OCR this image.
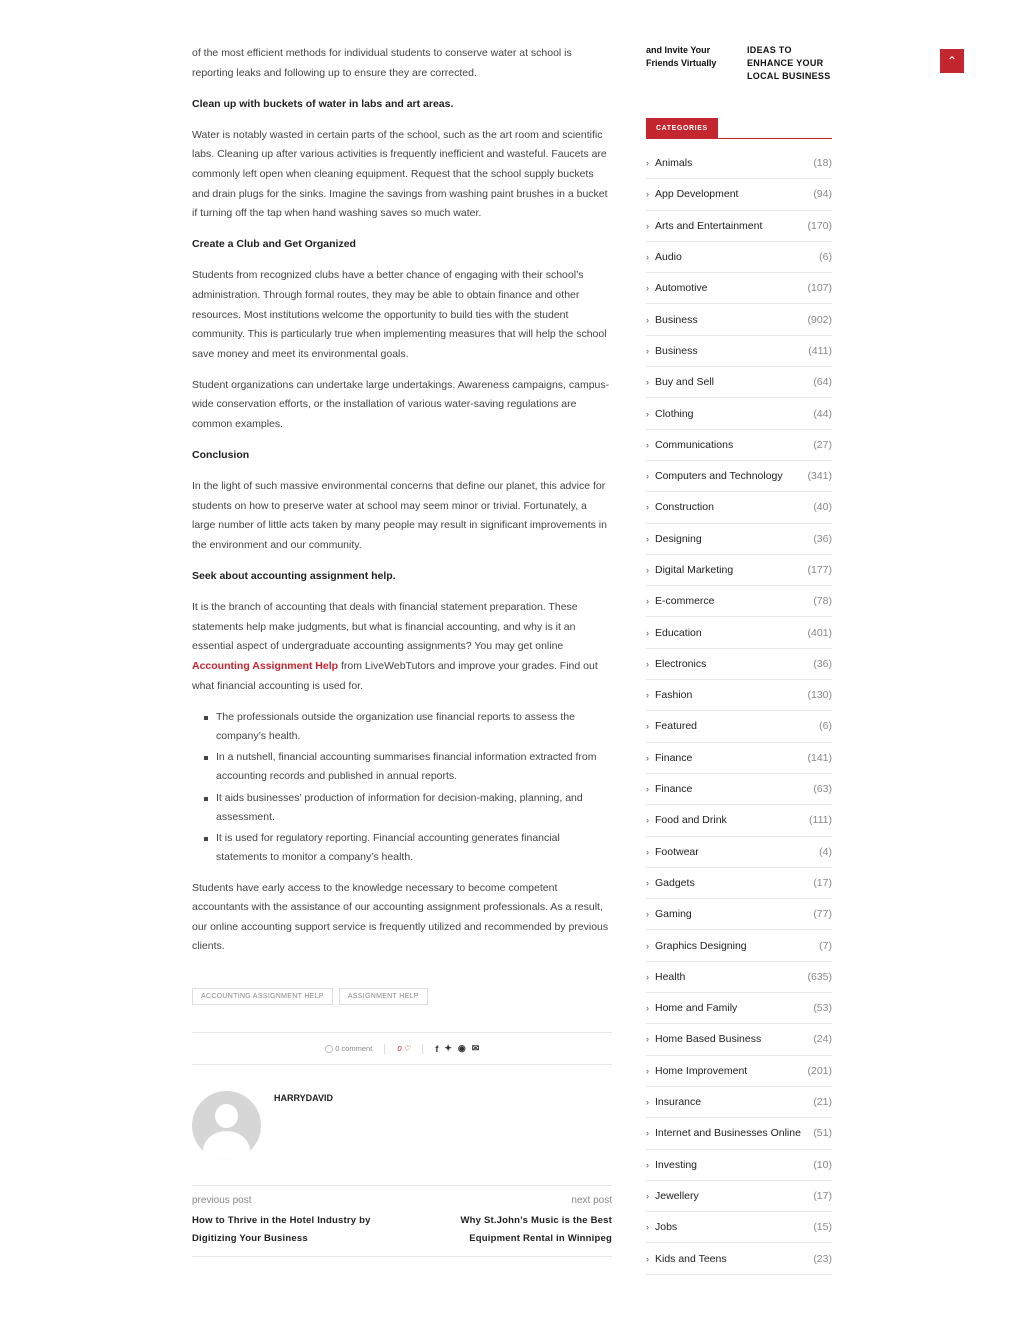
of the most efficient methods for individual students to conserve water at school is reporting leaks and following up to ensure they are corrected.

Clean up with buckets of water in labs and art areas.

Water is notably wasted in certain parts of the school, such as the art room and scientific labs. Cleaning up after various activities is frequently inefficient and wasteful. Faucets are commonly left open when cleaning equipment. Request that the school supply buckets and drain plugs for the sinks. Imagine the savings from washing paint brushes in a bucket if turning off the tap when hand washing saves so much water.

Create a Club and Get Organized

Students from recognized clubs have a better chance of engaging with their school’s administration. Through formal routes, they may be able to obtain finance and other resources. Most institutions welcome the opportunity to build ties with the student community. This is particularly true when implementing measures that will help the school save money and meet its environmental goals.

Student organizations can undertake large undertakings. Awareness campaigns, campus-wide conservation efforts, or the installation of various water-saving regulations are common examples.

Conclusion

In the light of such massive environmental concerns that define our planet, this advice for students on how to preserve water at school may seem minor or trivial. Fortunately, a large number of little acts taken by many people may result in significant improvements in the environment and our community.

Seek about accounting assignment help.

It is the branch of accounting that deals with financial statement preparation. These statements help make judgments, but what is financial accounting, and why is it an essential aspect of undergraduate accounting assignments? You may get online Accounting Assignment Help from LiveWebTutors and improve your grades. Find out what financial accounting is used for.

The professionals outside the organization use financial reports to assess the company’s health.
In a nutshell, financial accounting summarises financial information extracted from accounting records and published in annual reports.
It aids businesses’ production of information for decision-making, planning, and assessment.
It is used for regulatory reporting. Financial accounting generates financial statements to monitor a company’s health.

Students have early access to the knowledge necessary to become competent accountants with the assistance of our accounting assignment professionals. As a result, our online accounting support service is frequently utilized and recommended by previous clients.

ACCOUNTING ASSIGNMENT HELP	ASSIGNMENT HELP
◯ 0 comment	0 ♡	f ✦ ◉ ✉
HARRYDAVID
previous post
How to Thrive in the Hotel Industry by Digitizing Your Business
next post
Why St.John’s Music is the Best Equipment Rental in Winnipeg
and Invite Your Friends Virtually
IDEAS TO ENHANCE YOUR LOCAL BUSINESS
CATEGORIES
› Animals	(18)
› App Development	(94)
› Arts and Entertainment	(170)
› Audio	(6)
› Automotive	(107)
› Business	(902)
› Business	(411)
› Buy and Sell	(64)
› Clothing	(44)
› Communications	(27)
› Computers and Technology (341)
› Construction	(40)
› Designing	(36)
› Digital Marketing	(177)
› E-commerce	(78)
› Education	(401)
› Electronics	(36)
› Fashion	(130)
› Featured	(6)
› Finance	(141)
› Finance	(63)
› Food and Drink	(111)
› Footwear	(4)
› Gadgets	(17)
› Gaming	(77)
› Graphics Designing	(7)
› Health	(635)
› Home and Family	(53)
› Home Based Business	(24)
› Home Improvement	(201)
› Insurance	(21)
› Internet and Businesses Online (51)
› Investing	(10)
› Jewellery	(17)
› Jobs	(15)
› Kids and Teens	(23)
⌃
